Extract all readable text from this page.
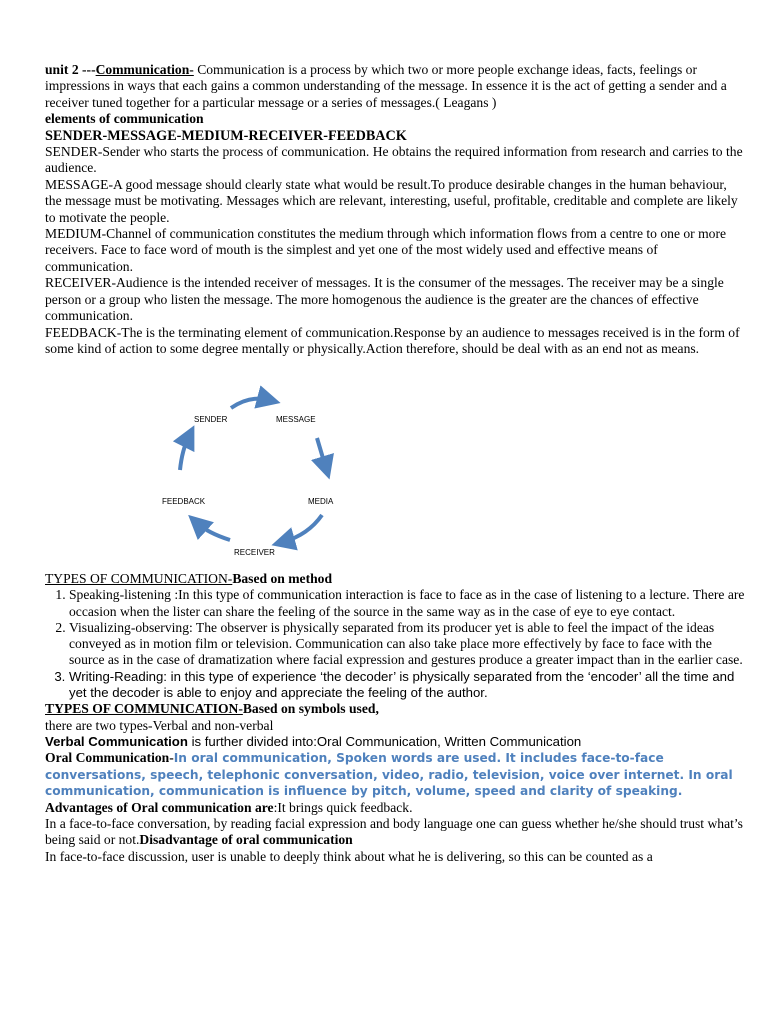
unit 2 ---Communication- Communication is a process by which two or more people exchange ideas, facts, feelings or impressions in ways that each gains a common understanding of the message. In essence it is the act of getting a sender and a receiver tuned together for a particular message or a series of messages.( Leagans )

elements of communication

SENDER-MESSAGE-MEDIUM-RECEIVER-FEEDBACK

SENDER-Sender who starts the process of communication. He obtains the required information from research and carries to the audience.

MESSAGE-A good message should clearly state what would be result.To produce desirable changes in the human behaviour, the message must be motivating. Messages which are relevant, interesting, useful, profitable, creditable and complete are likely to motivate the people.

MEDIUM-Channel of communication constitutes the medium through which information flows from a centre to one or more receivers. Face to face word of mouth is the simplest and yet one of the most widely used and effective means of communication.

RECEIVER-Audience is the intended receiver of messages. It is the consumer of the messages. The receiver may be a single person or a group who listen the message. The more homogenous the audience is the greater are the chances of effective communication.

FEEDBACK-The is the terminating element of communication.Response by an audience to messages received is in the form of some kind of action to some degree mentally or physically.Action therefore, should be deal with as an end not as means.

SENDER	MESSAGE
MEDIA
RECEIVER
FEEDBACK

TYPES OF COMMUNICATION-Based on method

1. Speaking-listening :In this type of communication interaction is face to face as in the case of listening to a lecture. There are occasion when the lister can share the feeling of the source in the same way as in the case of eye to eye contact.
2. Visualizing-observing: The observer is physically separated from its producer yet is able to feel the impact of the ideas conveyed as in motion film or television. Communication can also take place more effectively by face to face with the source as in the case of dramatization where facial expression and gestures produce a greater impact than in the earlier case.
3. Writing-Reading: in this type of experience ‘the decoder’ is physically separated from the ‘encoder’ all the time and yet the decoder is able to enjoy and appreciate the feeling of the author.

TYPES OF COMMUNICATION-Based on symbols used,

there are two types-Verbal and non-verbal

Verbal Communication is further divided into:Oral Communication, Written Communication

Oral Communication-In oral communication, Spoken words are used. It includes face-to-face conversations, speech, telephonic conversation, video, radio, television, voice over internet. In oral communication, communication is influence by pitch, volume, speed and clarity of speaking.

Advantages of Oral communication are:It brings quick feedback.

In a face-to-face conversation, by reading facial expression and body language one can guess whether he/she should trust what’s being said or not.Disadvantage of oral communication

In face-to-face discussion, user is unable to deeply think about what he is delivering, so this can be counted as a
